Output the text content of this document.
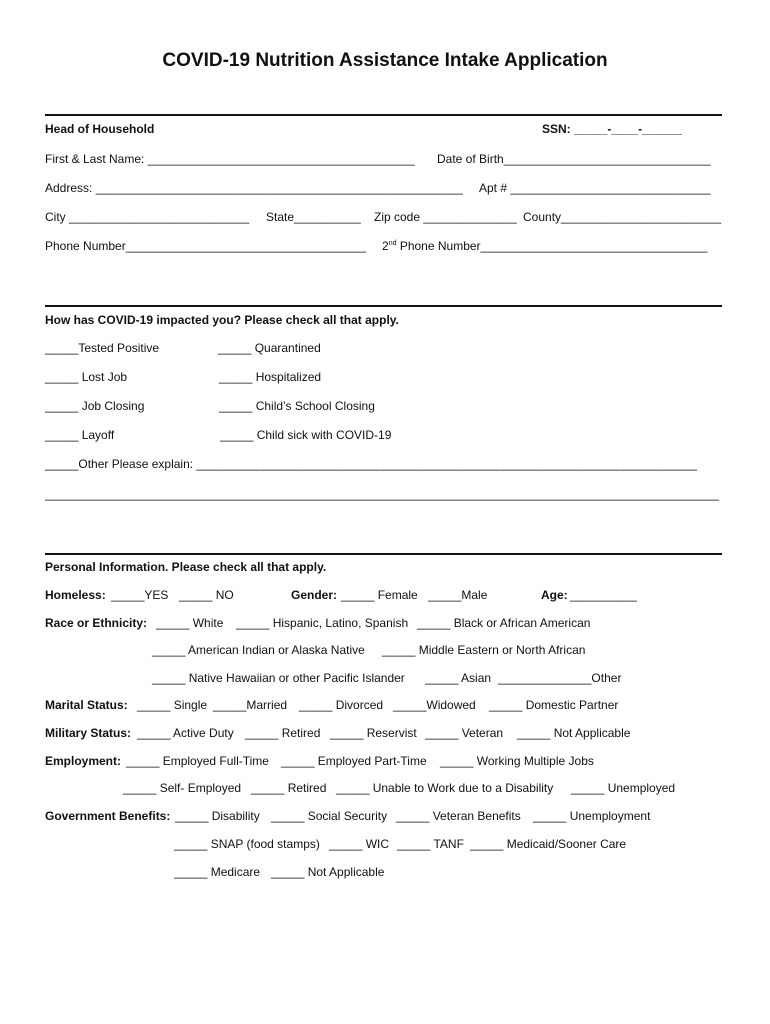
COVID-19 Nutrition Assistance Intake Application
Head of Household	SSN: _____-____-______
First & Last Name: ________________________________________ Date of Birth_______________________________
Address: _______________________________________________________ Apt # ______________________________
City ___________________________ State__________ Zip code ______________ County________________________
Phone Number____________________________________ 2nd Phone Number__________________________________
How has COVID-19 impacted you? Please check all that apply.
_____Tested Positive	_____ Quarantined
_____ Lost Job	_____ Hospitalized
_____ Job Closing	_____ Child’s School Closing
_____ Layoff	_____ Child sick with COVID-19
_____Other Please explain: ___________________________________________________________________________
_____________________________________________________________________________________________________
Personal Information. Please check all that apply.
Homeless: _____YES _____ NO	Gender: _____ Female _____Male	Age: __________
Race or Ethnicity: _____ White _____ Hispanic, Latino, Spanish _____ Black or African American
_____ American Indian or Alaska Native _____ Middle Eastern or North African
_____ Native Hawaiian or other Pacific Islander _____ Asian ______________Other
Marital Status: _____ Single _____Married _____ Divorced _____Widowed _____ Domestic Partner
Military Status: _____ Active Duty _____ Retired _____ Reservist _____ Veteran _____ Not Applicable
Employment: _____ Employed Full-Time _____ Employed Part-Time _____ Working Multiple Jobs
_____ Self- Employed _____ Retired _____ Unable to Work due to a Disability _____ Unemployed
Government Benefits: _____ Disability _____ Social Security _____ Veteran Benefits _____ Unemployment
_____ SNAP (food stamps) _____ WIC _____ TANF _____ Medicaid/Sooner Care
_____ Medicare _____ Not Applicable
